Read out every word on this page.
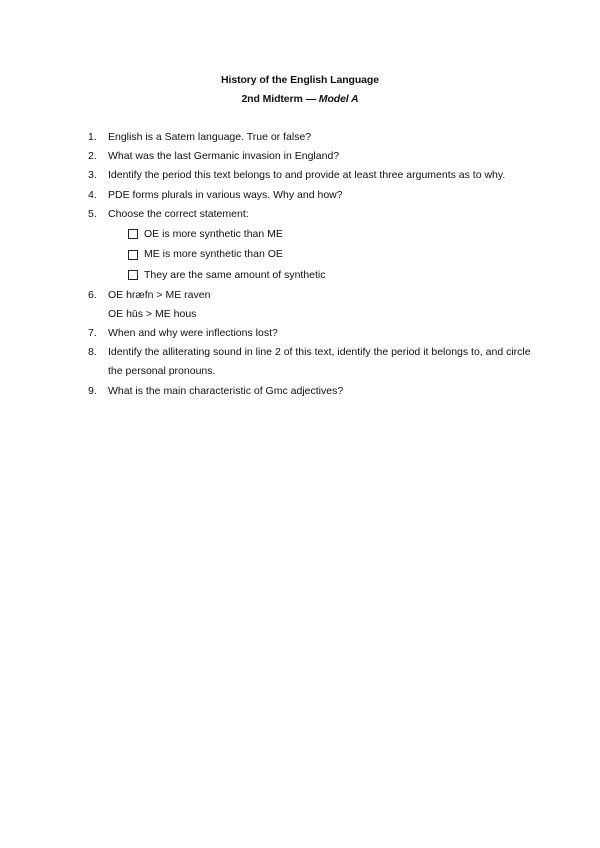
History of the English Language
2nd Midterm — Model A
1.	English is a Satem language. True or false?
2.	What was the last Germanic invasion in England?
3.	Identify the period this text belongs to and provide at least three arguments as to why.
4.	PDE forms plurals in various ways. Why and how?
5.	Choose the correct statement:
OE is more synthetic than ME
ME is more synthetic than OE
They are the same amount of synthetic
6.	OE hræfn > ME raven
OE hūs > ME hous
7.	When and why were inflections lost?
8.	Identify the alliterating sound in line 2 of this text, identify the period it belongs to, and circle the personal pronouns.
9.	What is the main characteristic of Gmc adjectives?
